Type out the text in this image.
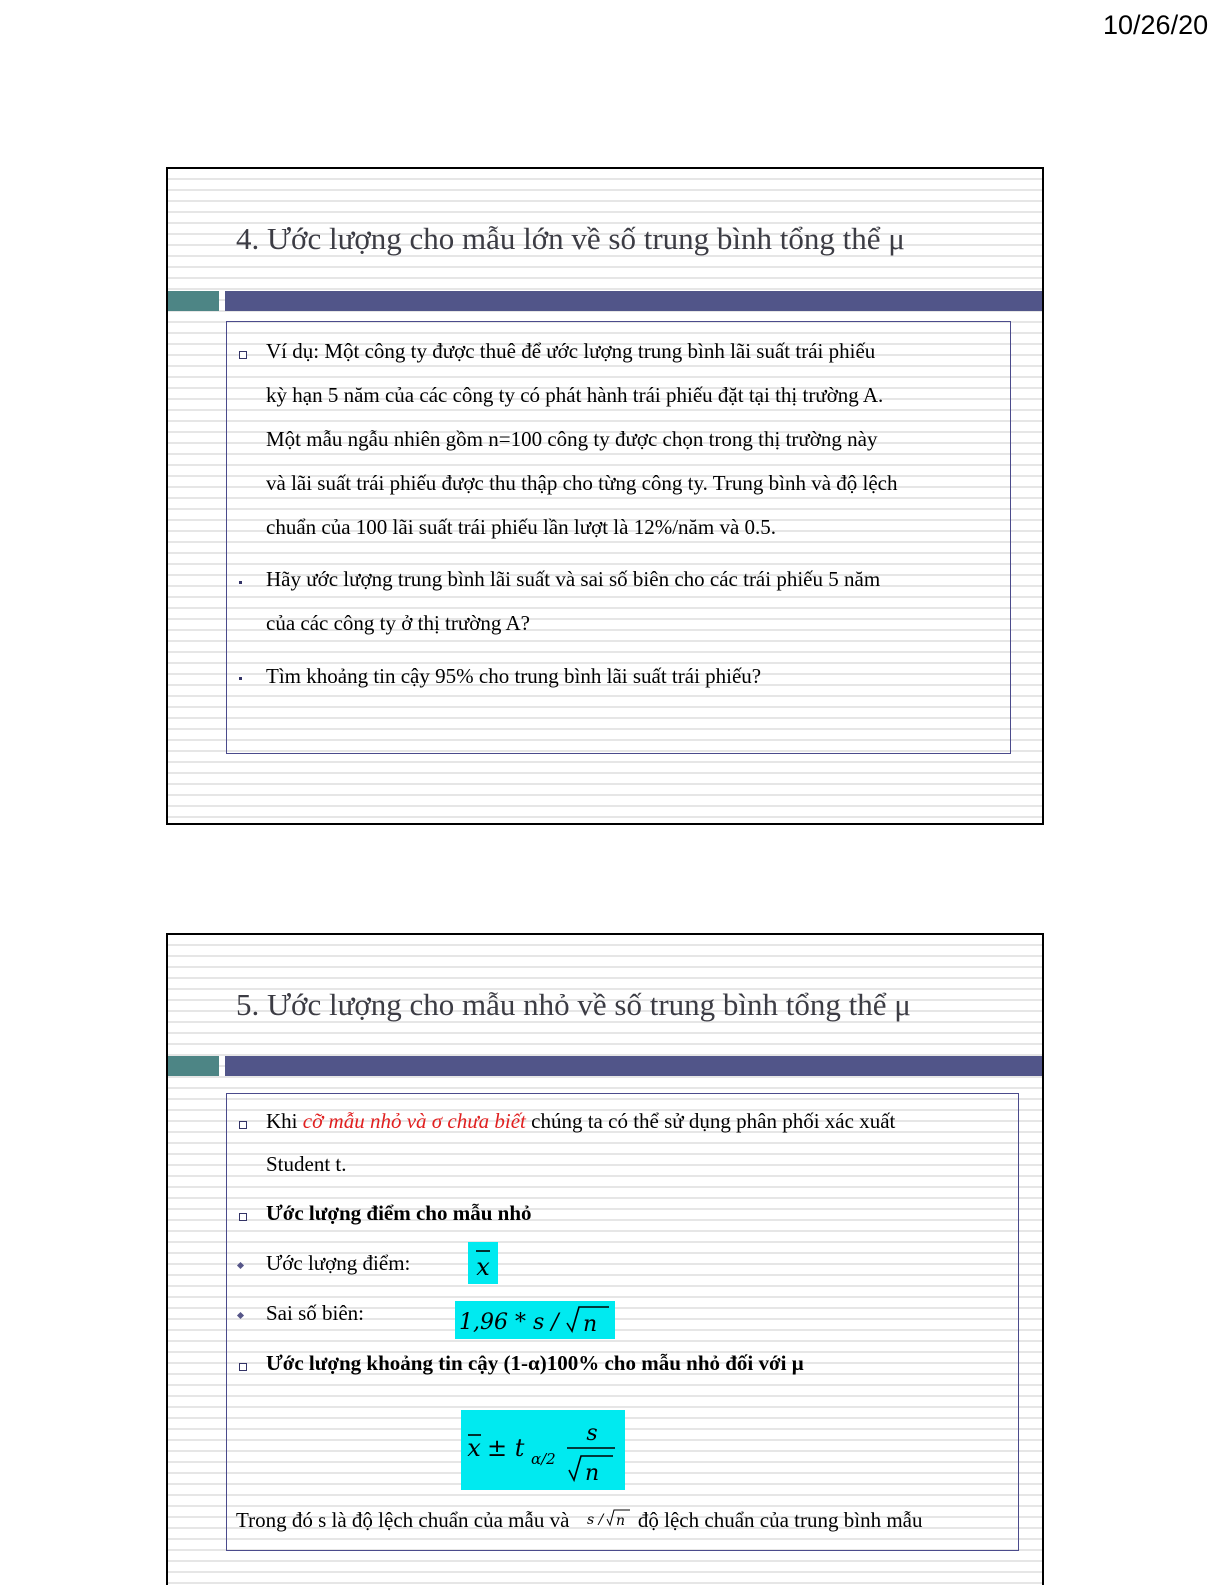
10/26/20
4. Ước lượng cho mẫu lớn về số trung bình tổng thể μ
Ví dụ: Một công ty được thuê để ước lượng trung bình lãi suất trái phiếu
kỳ hạn 5 năm của các công ty có phát hành trái phiếu đặt tại thị trường A.
Một mẫu ngẫu nhiên gồm n=100 công ty được chọn trong thị trường này
và lãi suất trái phiếu được thu thập cho từng công ty. Trung bình và độ lệch
chuẩn của 100 lãi suất trái phiếu lần lượt là 12%/năm và 0.5.
Hãy ước lượng trung bình lãi suất và sai số biên cho các trái phiếu 5 năm
của các công ty ở thị trường A?
Tìm khoảng tin cậy 95% cho trung bình lãi suất trái phiếu?
5. Ước lượng cho mẫu nhỏ về số trung bình tổng thể μ
Khi cỡ mẫu nhỏ và σ chưa biết chúng ta có thể sử dụng phân phối xác xuất
Student t.
Ước lượng điểm cho mẫu nhỏ
Ước lượng điểm:	x
Sai số biên:	1,96 * s / n
Ước lượng khoảng tin cậy (1-α)100% cho mẫu nhỏ đối với μ
x ± t α/2
s
n
Trong đó s là độ lệch chuẩn của mẫu và s / n độ lệch chuẩn của trung bình mẫu
